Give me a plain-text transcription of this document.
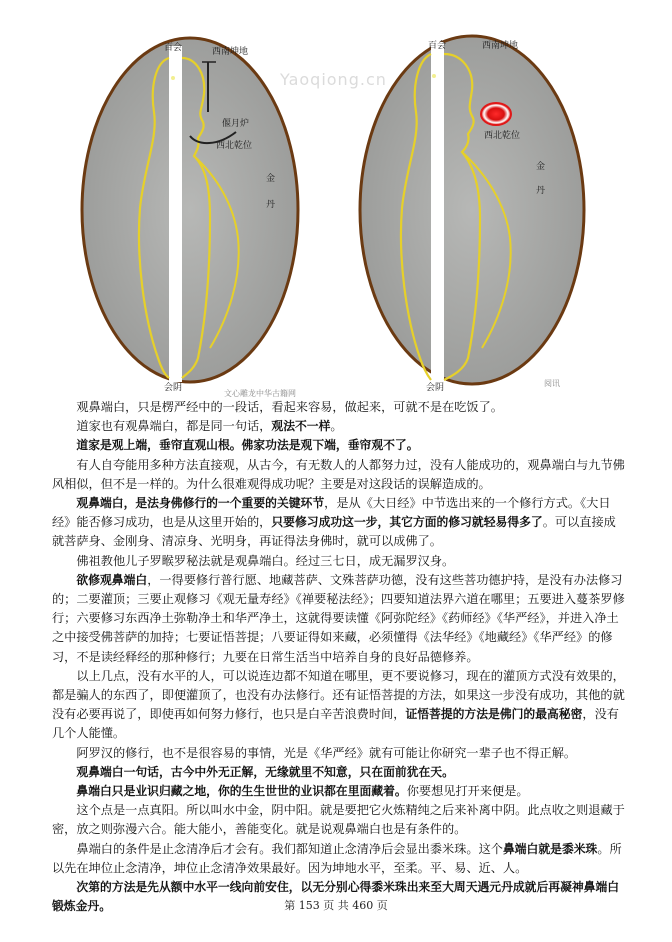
百会	西南坤地
偃月炉
西北乾位
金
丹
会阴
文心雕龙中华古籍网
百会	西南坤地
西北乾位
金
丹
会阴	阅讯
Yaoqiong.cn

观鼻端白，只是楞严经中的一段话，看起来容易，做起来，可就不是在吃饭了。

道家也有观鼻端白，都是同一句话，观法不一样。

道家是观上端，垂帘直观山根。佛家功法是观下端，垂帘观不了。

有人自夸能用多种方法直接观，从古今，有无数人的人都努力过，没有人能成功的，观鼻端白与九节佛风相似，但不是一样的。为什么很难观得成功呢？主要是对这段话的误解造成的。

观鼻端白，是法身佛修行的一个重要的关键环节，是从《大日经》中节选出来的一个修行方式。《大日经》能否修习成功，也是从这里开始的，只要修习成功这一步，其它方面的修习就轻易得多了。可以直接成就菩萨身、金刚身、清凉身、光明身，再证得法身佛时，就可以成佛了。

佛祖教他儿子罗睺罗秘法就是观鼻端白。经过三七日，成无漏罗汉身。

欲修观鼻端白，一得要修行普行愿、地藏菩萨、文殊菩萨功德，没有这些菩功德护持，是没有办法修习的；二要灌顶；三要止观修习《观无量寿经》《禅要秘法经》；四要知道法界六道在哪里；五要进入蔓茶罗修行；六要修习东西净土弥勒净土和华严净土，这就得要读懂《阿弥陀经》《药师经》《华严经》，并进入净土之中接受佛菩萨的加持；七要证悟菩提；八要证得如来藏，必须懂得《法华经》《地藏经》《华严经》的修习，不是读经释经的那种修行；九要在日常生活当中培养自身的良好品德修养。

以上几点，没有水平的人，可以说连边都不知道在哪里，更不要说修习，现在的灌顶方式没有效果的，都是骗人的东西了，即便灌顶了，也没有办法修行。还有证悟菩提的方法，如果这一步没有成功，其他的就没有必要再说了，即使再如何努力修行，也只是白辛苦浪费时间，证悟菩提的方法是佛门的最高秘密，没有几个人能懂。

阿罗汉的修行，也不是很容易的事情，光是《华严经》就有可能让你研究一辈子也不得正解。

观鼻端白一句话，古今中外无正解，无缘就里不知意，只在面前犹在天。

鼻端白只是业识归藏之地，你的生生世世的业识都在里面藏着。你要想见打开来便是。

这个点是一点真阳。所以叫水中金，阴中阳。就是要把它火炼精纯之后来补离中阴。此点收之则退藏于密，放之则弥漫六合。能大能小，善能变化。就是说观鼻端白也是有条件的。

鼻端白的条件是止念清净后才会有。我们都知道止念清净后会显出黍米珠。这个鼻端白就是黍米珠。所以先在坤位止念清净，坤位止念清净效果最好。因为坤地水平，至柔。平、易、近、人。

次第的方法是先从额中水平一线向前安住，以无分别心得黍米珠出来至大周天遇元丹成就后再凝神鼻端白锻炼金丹。	第 153 页 共 460 页
